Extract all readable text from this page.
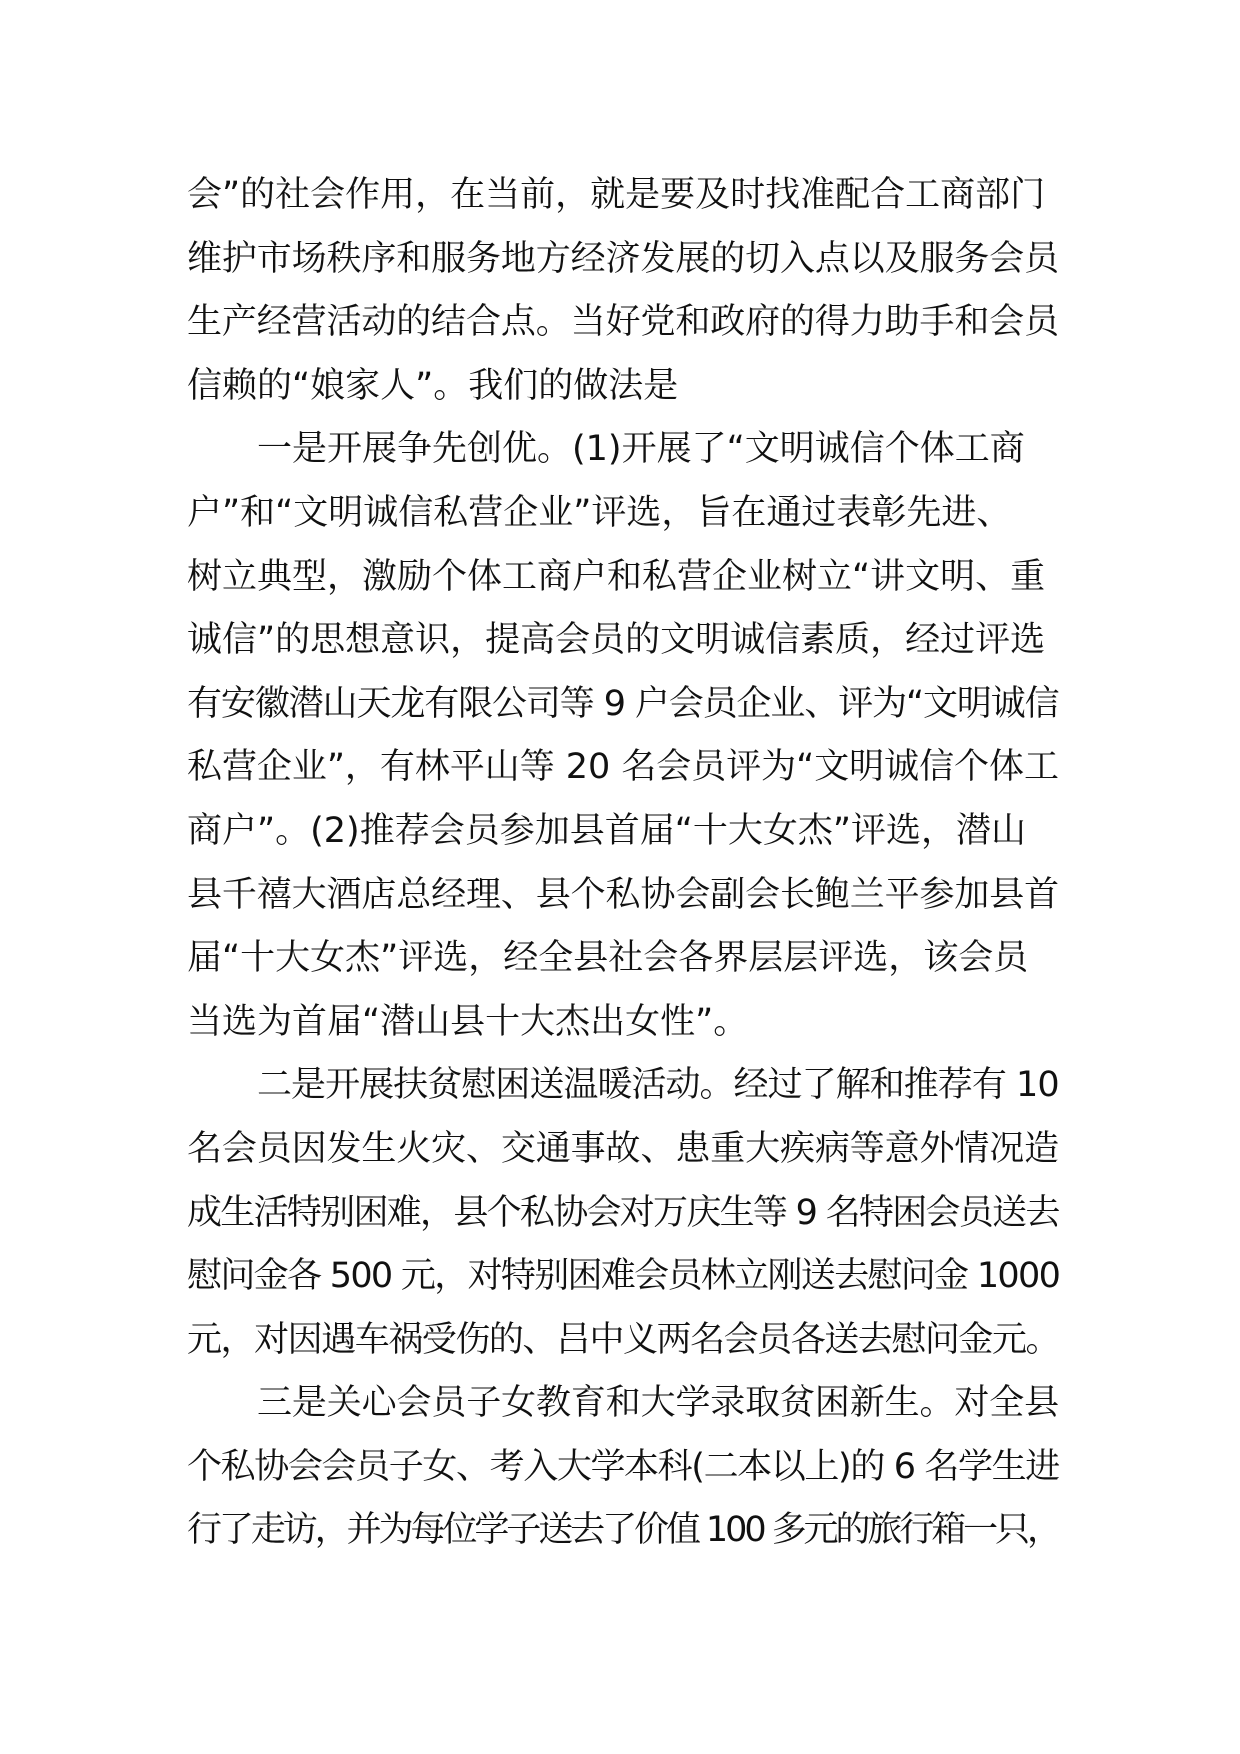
会”的社会作用，在当前，就是要及时找准配合工商部门
维护市场秩序和服务地方经济发展的切入点以及服务会员
生产经营活动的结合点。当好党和政府的得力助手和会员
信赖的“娘家人”。我们的做法是
一是开展争先创优。(1)开展了“文明诚信个体工商
户”和“文明诚信私营企业”评选，旨在通过表彰先进、
树立典型，激励个体工商户和私营企业树立“讲文明、重
诚信”的思想意识，提高会员的文明诚信素质，经过评选
有安徽潜山天龙有限公司等 9 户会员企业、评为“文明诚信
私营企业”，有林平山等 20 名会员评为“文明诚信个体工
商户”。(2)推荐会员参加县首届“十大女杰”评选，潜山
县千禧大酒店总经理、县个私协会副会长鲍兰平参加县首
届“十大女杰”评选，经全县社会各界层层评选，该会员
当选为首届“潜山县十大杰出女性”。
二是开展扶贫慰困送温暖活动。经过了解和推荐有 10
名会员因发生火灾、交通事故、患重大疾病等意外情况造
成生活特别困难，县个私协会对万庆生等 9 名特困会员送去
慰问金各 500 元，对特别困难会员林立刚送去慰问金 1000
元，对因遇车祸受伤的、吕中义两名会员各送去慰问金元。
三是关心会员子女教育和大学录取贫困新生。对全县
个私协会会员子女、考入大学本科(二本以上)的 6 名学生进
行了走访，并为每位学子送去了价值 100 多元的旅行箱一只，
